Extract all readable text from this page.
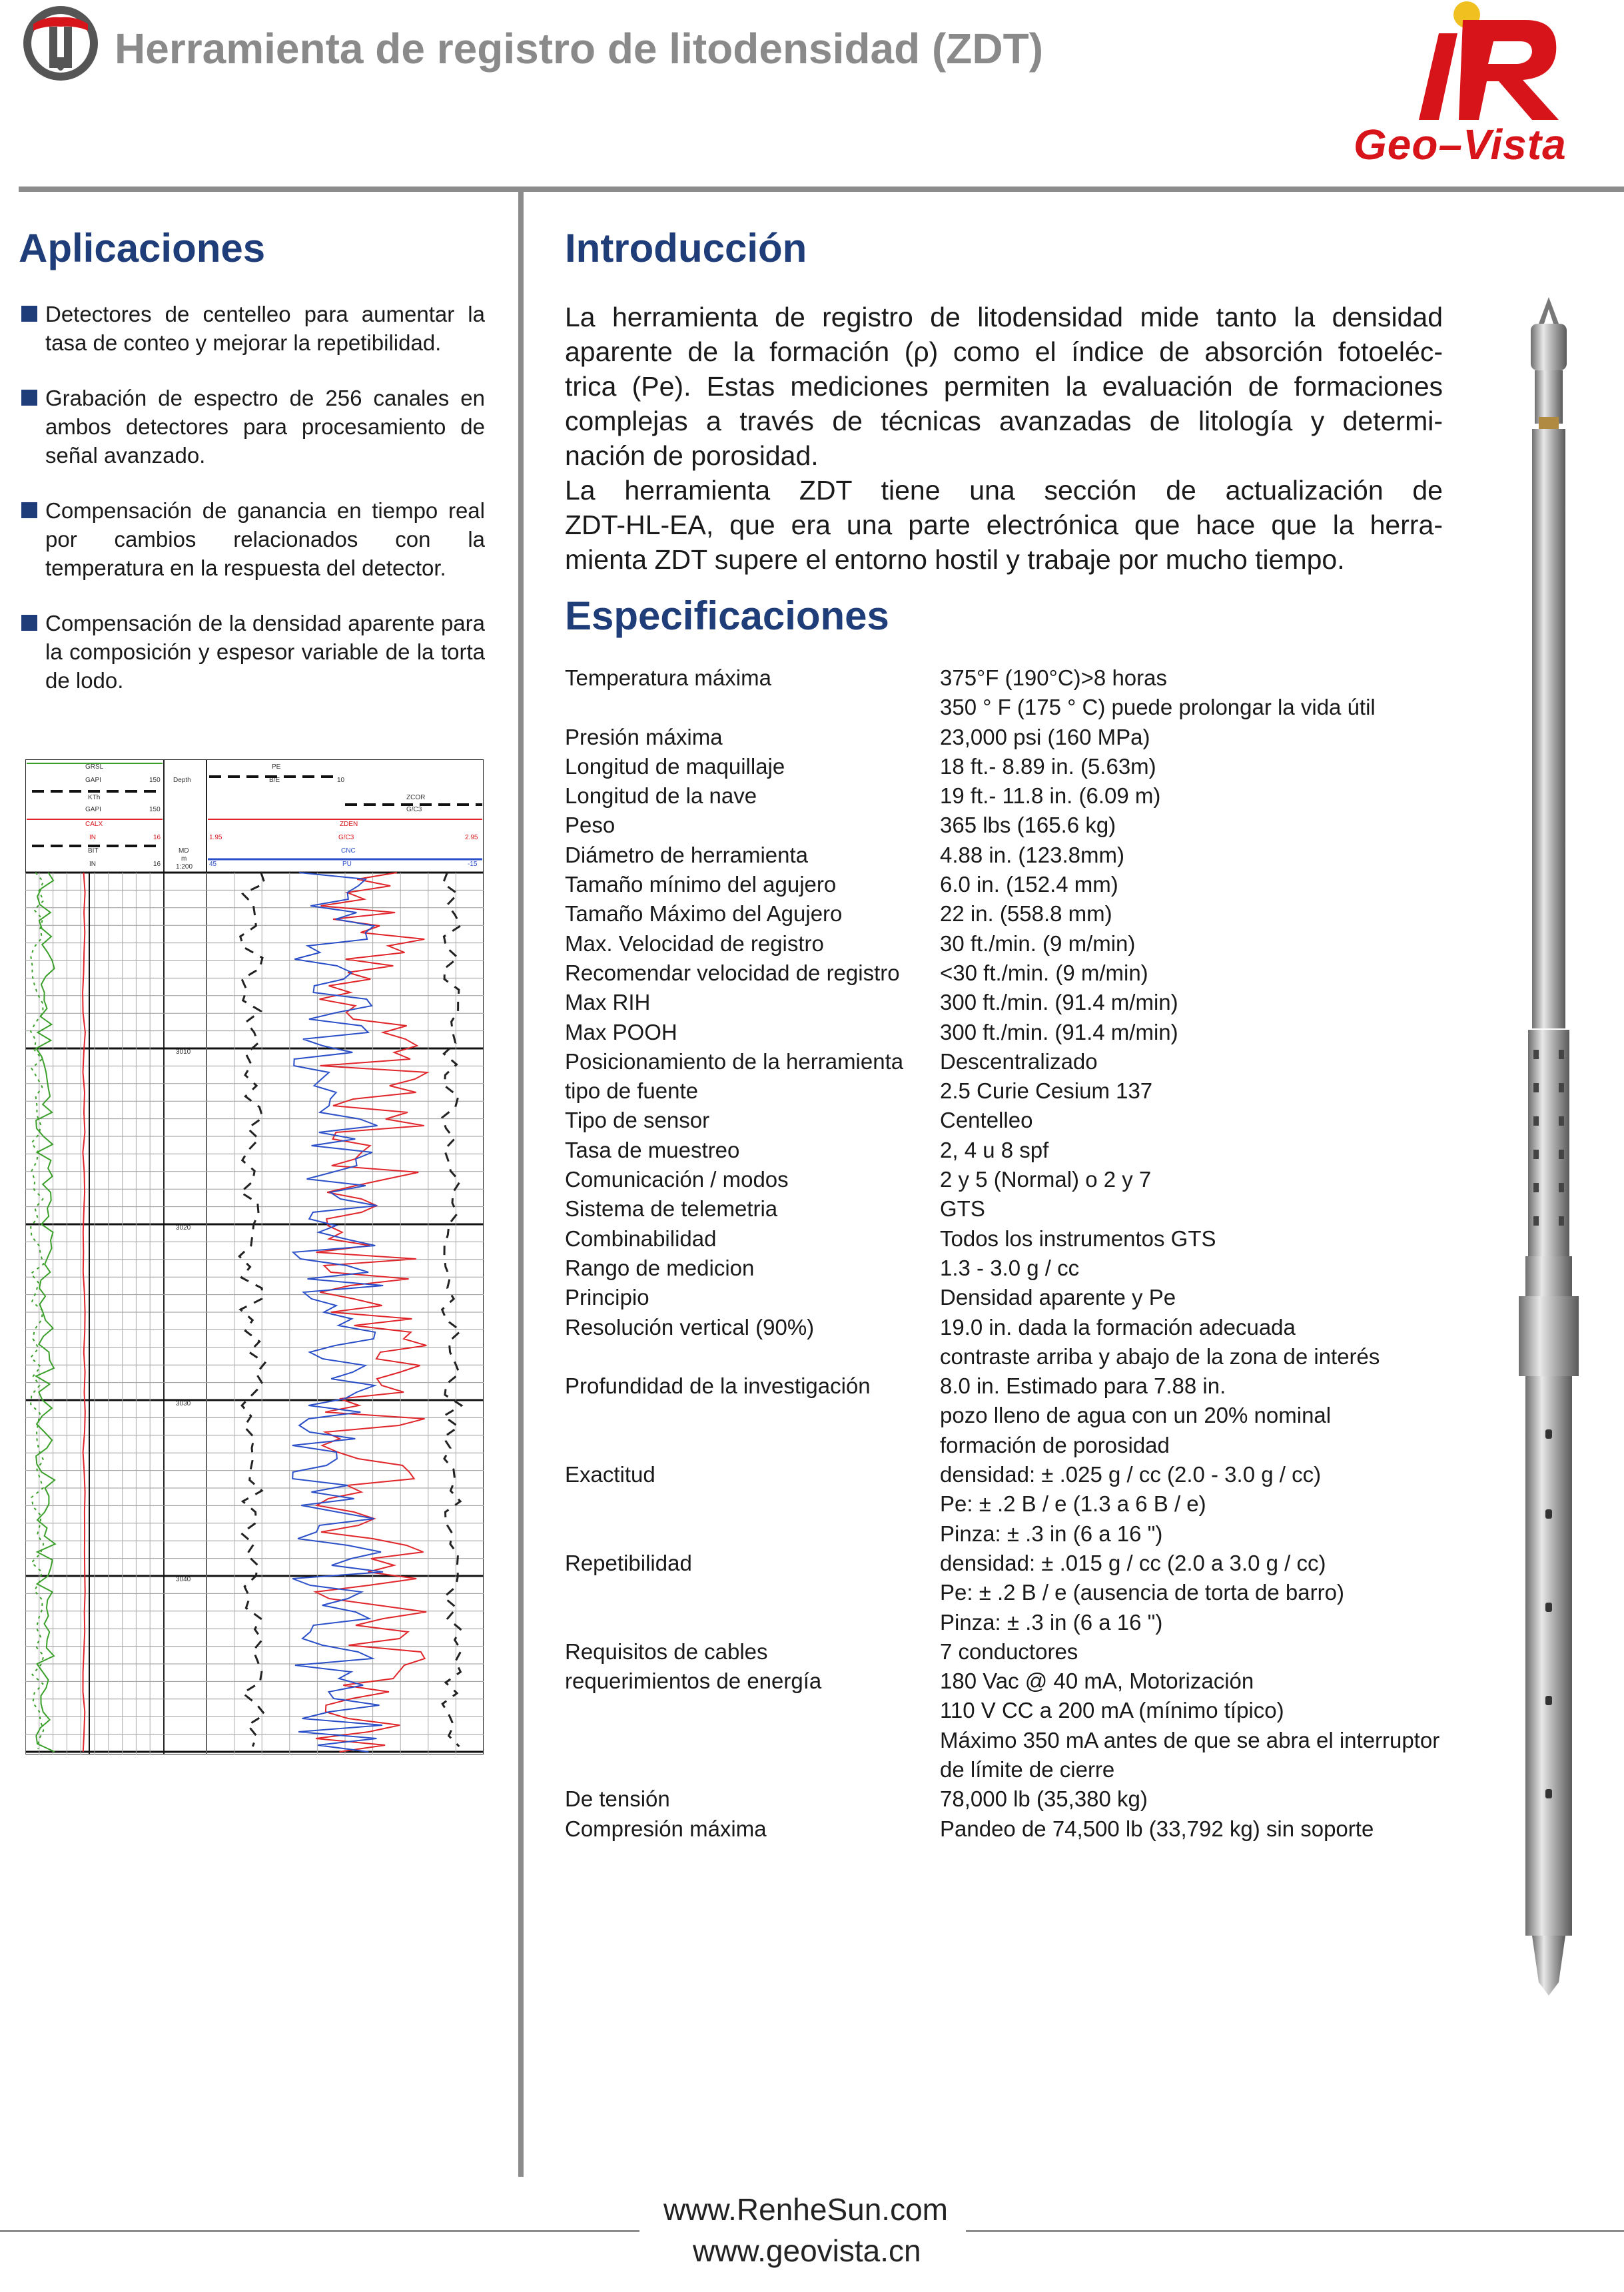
Herramienta de registro de litodensidad (ZDT)
Geo–Vista
Aplicaciones
Detectores de centelleo para aumentar la tasa de conteo y mejorar la repetibilidad.
Grabación de espectro de 256 canales en ambos detectores para procesamiento de señal avanzado.
Compensación de ganancia en tiempo real por cambios relacionados con la temperatura en la respuesta del detector.
Compensación de la densidad aparente para la composición y espesor variable de la torta de lodo.
GRSL
GAPI	150
KTh
GAPI	150
CALX
IN	16
BIT
IN	16
Depth
MD
m
1:200
PE
B/E	10
ZCOR
G/C3
ZDEN
G/C3
1.95	2.95
CNC
PU
45	-15
3010
3020
3030
3040
Introducción
La herramienta de registro de litodensidad mide tanto la densidad
aparente de la formación (ρ) como el índice de absorción fotoeléc-
trica (Pe). Estas mediciones permiten la evaluación de formaciones
complejas a través de técnicas avanzadas de litología y determi-
nación de porosidad.
La herramienta ZDT tiene una sección de actualización de
ZDT-HL-EA, que era una parte electrónica que hace que la herra-
mienta ZDT supere el entorno hostil y trabaje por mucho tiempo.
Especificaciones
Temperatura máxima	375°F (190°C)>8 horas
	350 ° F (175 ° C) puede prolongar la vida útil
Presión máxima	23,000 psi (160 MPa)
Longitud de maquillaje	18 ft.- 8.89 in. (5.63m)
Longitud de la nave	19 ft.- 11.8 in. (6.09 m)
Peso	365 lbs (165.6 kg)
Diámetro de herramienta	4.88 in. (123.8mm)
Tamaño mínimo del agujero	6.0 in. (152.4 mm)
Tamaño Máximo del Agujero	22 in. (558.8 mm)
Max. Velocidad de registro	30 ft./min. (9 m/min)
Recomendar velocidad de registro	<30 ft./min. (9 m/min)
Max RIH	300 ft./min. (91.4 m/min)
Max POOH	300 ft./min. (91.4 m/min)
Posicionamiento de la herramienta	Descentralizado
tipo de fuente	2.5 Curie Cesium 137
Tipo de sensor	Centelleo
Tasa de muestreo	2, 4 u 8 spf
Comunicación / modos	2 y 5 (Normal) o 2 y 7
Sistema de telemetria	GTS
Combinabilidad	Todos los instrumentos GTS
Rango de medicion	1.3 - 3.0 g / cc
Principio	Densidad aparente y Pe
Resolución vertical (90%)	19.0 in. dada la formación adecuada
	contraste arriba y abajo de la zona de interés
Profundidad de la investigación	8.0 in. Estimado para 7.88 in.
	pozo lleno de agua con un 20% nominal
	formación de porosidad
Exactitud	densidad: ± .025 g / cc (2.0 - 3.0 g / cc)
	Pe: ± .2 B / e (1.3 a 6 B / e)
	Pinza: ± .3 in (6 a 16 ")
Repetibilidad	densidad: ± .015 g / cc (2.0 a 3.0 g / cc)
	Pe: ± .2 B / e (ausencia de torta de barro)
	Pinza: ± .3 in (6 a 16 ")
Requisitos de cables	7 conductores
requerimientos de energía	180 Vac @ 40 mA, Motorización
	110 V CC a 200 mA (mínimo típico)
	Máximo 350 mA antes de que se abra el interruptor
	de límite de cierre
De tensión	78,000 lb (35,380 kg)
Compresión máxima	Pandeo de 74,500 lb (33,792 kg) sin soporte
www.RenheSun.com
www.geovista.cn
